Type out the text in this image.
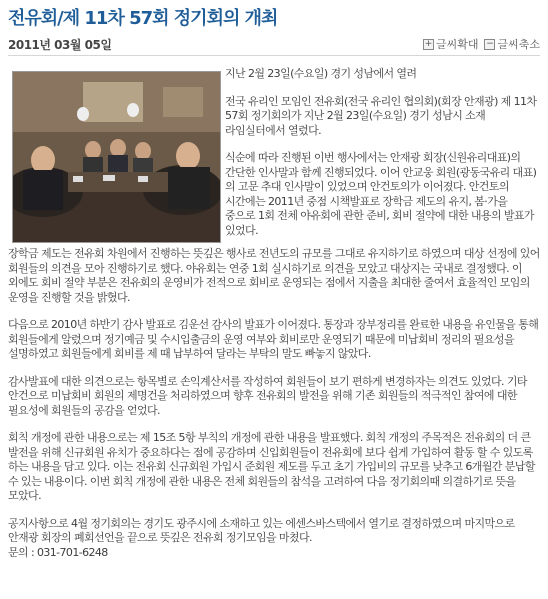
전유회/제 11차 57회 정기회의 개최
2011년 03월 05일	+ 글씨확대 − 글씨축소

지난 2월 23일(수요일) 경기 성남에서 열려

전국 유리인 모임인 전유회(전국 유리인 협의회)(회장 안재광) 제 11차 57회 정기회의가 지난 2월 23일(수요일) 경기 성남시 소재 라임실터에서 열렸다.

식순에 따라 진행된 이번 행사에서는 안재광 회장(신원유리대표)의 간단한 인사말과 함께 진행되었다. 이어 안교웅 회원(광동국유리 대표)의 고문 추대 인사말이 있었으며 안건토의가 이어졌다. 안건토의 시간에는 2011년 중점 시책발표로 장학금 제도의 유지, 봄·가을 중으로 1회 전체 야유회에 관한 준비, 회비 절약에 대한 내용의 발표가 있었다.

장학금 제도는 전유회 차원에서 진행하는 뜻깊은 행사로 전년도의 규모를 그대로 유지하기로 하였으며 대상 선정에 있어 회원들의 의견을 모아 진행하기로 했다. 야유회는 연중 1회 실시하기로 의견을 모았고 대상지는 국내로 결정했다. 이 외에도 회비 절약 부분은 전유회의 운영비가 전적으로 회비로 운영되는 점에서 지출을 최대한 줄여서 효율적인 모임의 운영을 진행할 것을 밝혔다.

다음으로 2010년 하반기 감사 발표로 김운선 감사의 발표가 이어졌다. 통장과 장부정리를 완료한 내용을 유인물을 통해 회원들에게 알렸으며 정기예금 및 수시입출금의 운영 여부와 회비로만 운영되기 때문에 미납회비 정리의 필요성을 설명하였고 회원들에게 회비를 제 때 납부하여 달라는 부탁의 말도 빠놓지 않았다.

감사발표에 대한 의견으로는 항목별로 손익계산서를 작성하여 회원들이 보기 편하게 변경하자는 의견도 있었다. 기타 안건으로 미납회비 회원의 제명건을 처리하였으며 향후 전유회의 발전을 위해 기존 회원들의 적극적인 참여에 대한 필요성에 회원들의 공감을 얻었다.

회칙 개정에 관한 내용으로는 제 15조 5항 부칙의 개정에 관한 내용을 발표했다. 회칙 개정의 주목적은 전유회의 더 큰 발전을 위해 신규회원 유치가 중요하다는 점에 공감하며 신입회원들이 전유회에 보다 쉽게 가입하여 활동 할 수 있도록 하는 내용을 담고 있다. 이는 전유회 신규회원 가입시 준회원 제도를 두고 초기 가입비의 규모를 낮추고 6개월간 분납할 수 있는 내용이다. 이번 회칙 개정에 관한 내용은 전체 회원들의 참석을 고려하여 다음 정기회의때 의결하기로 뜻을 모았다.

공지사항으로 4월 정기회의는 경기도 광주시에 소재하고 있는 에센스바스텍에서 열기로 결정하였으며 마지막으로 안재광 회장의 폐회선언을 끝으로 뜻깊은 전유회 정기모임을 마쳤다.

문의 : 031-701-6248
